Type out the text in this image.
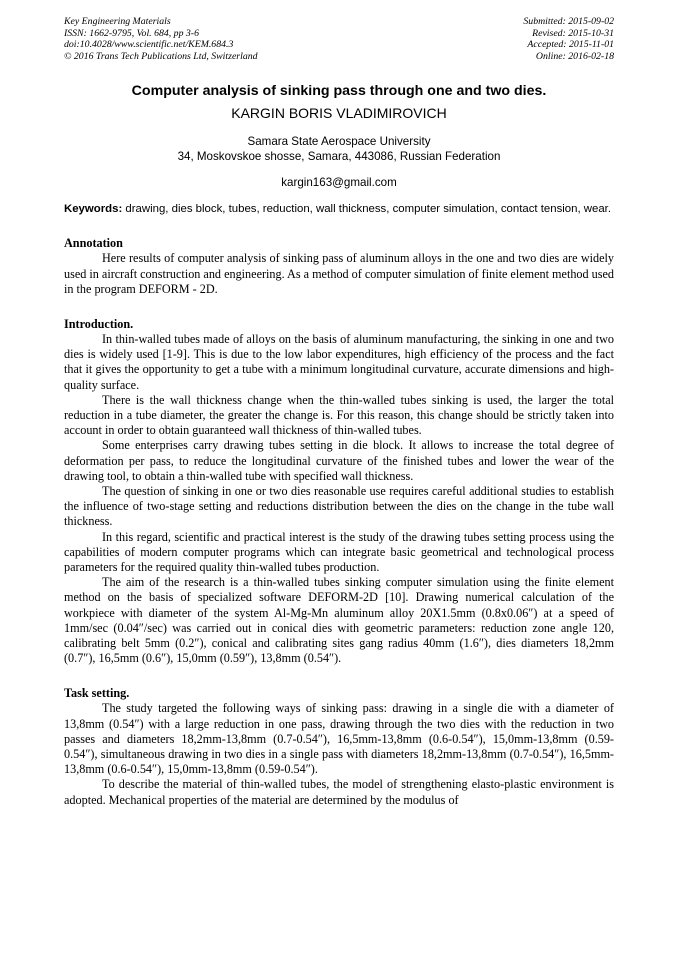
Key Engineering Materials	Submitted: 2015-09-02
ISSN: 1662-9795, Vol. 684, pp 3-6	Revised: 2015-10-31
doi:10.4028/www.scientific.net/KEM.684.3	Accepted: 2015-11-01
© 2016 Trans Tech Publications Ltd, Switzerland	Online: 2016-02-18
Computer analysis of sinking pass through one and two dies.
KARGIN BORIS VLADIMIROVICH
Samara State Aerospace University
34, Moskovskoe shosse, Samara, 443086, Russian Federation
kargin163@gmail.com
Keywords: drawing, dies block, tubes, reduction, wall thickness, computer simulation, contact tension, wear.
Annotation

Here results of computer analysis of sinking pass of aluminum alloys in the one and two dies are widely used in aircraft construction and engineering. As a method of computer simulation of finite element method used in the program DEFORM - 2D.

Introduction.

In thin-walled tubes made of alloys on the basis of aluminum manufacturing, the sinking in one and two dies is widely used [1-9]. This is due to the low labor expenditures, high efficiency of the process and the fact that it gives the opportunity to get a tube with a minimum longitudinal curvature, accurate dimensions and high-quality surface.

There is the wall thickness change when the thin-walled tubes sinking is used, the larger the total reduction in a tube diameter, the greater the change is. For this reason, this change should be strictly taken into account in order to obtain guaranteed wall thickness of thin-walled tubes.

Some enterprises carry drawing tubes setting in die block. It allows to increase the total degree of deformation per pass, to reduce the longitudinal curvature of the finished tubes and lower the wear of the drawing tool, to obtain a thin-walled tube with specified wall thickness.

The question of sinking in one or two dies reasonable use requires careful additional studies to establish the influence of two-stage setting and reductions distribution between the dies on the change in the tube wall thickness.

In this regard, scientific and practical interest is the study of the drawing tubes setting process using the capabilities of modern computer programs which can integrate basic geometrical and technological process parameters for the required quality thin-walled tubes production.

The aim of the research is a thin-walled tubes sinking computer simulation using the finite element method on the basis of specialized software DEFORM-2D [10]. Drawing numerical calculation of the workpiece with diameter of the system Al-Mg-Mn aluminum alloy 20X1.5mm (0.8x0.06″) at a speed of 1mm/sec (0.04″/sec) was carried out in conical dies with geometric parameters: reduction zone angle 120, calibrating belt 5mm (0.2″), conical and calibrating sites gang radius 40mm (1.6″), dies diameters 18,2mm (0.7″), 16,5mm (0.6″), 15,0mm (0.59″), 13,8mm (0.54″).

Task setting.

The study targeted the following ways of sinking pass: drawing in a single die with a diameter of 13,8mm (0.54″) with a large reduction in one pass, drawing through the two dies with the reduction in two passes and diameters 18,2mm-13,8mm (0.7-0.54″), 16,5mm-13,8mm (0.6-0.54″), 15,0mm-13,8mm (0.59-0.54″), simultaneous drawing in two dies in a single pass with diameters 18,2mm-13,8mm (0.7-0.54″), 16,5mm-13,8mm (0.6-0.54″), 15,0mm-13,8mm (0.59-0.54″).

To describe the material of thin-walled tubes, the model of strengthening elasto-plastic environment is adopted. Mechanical properties of the material are determined by the modulus of
